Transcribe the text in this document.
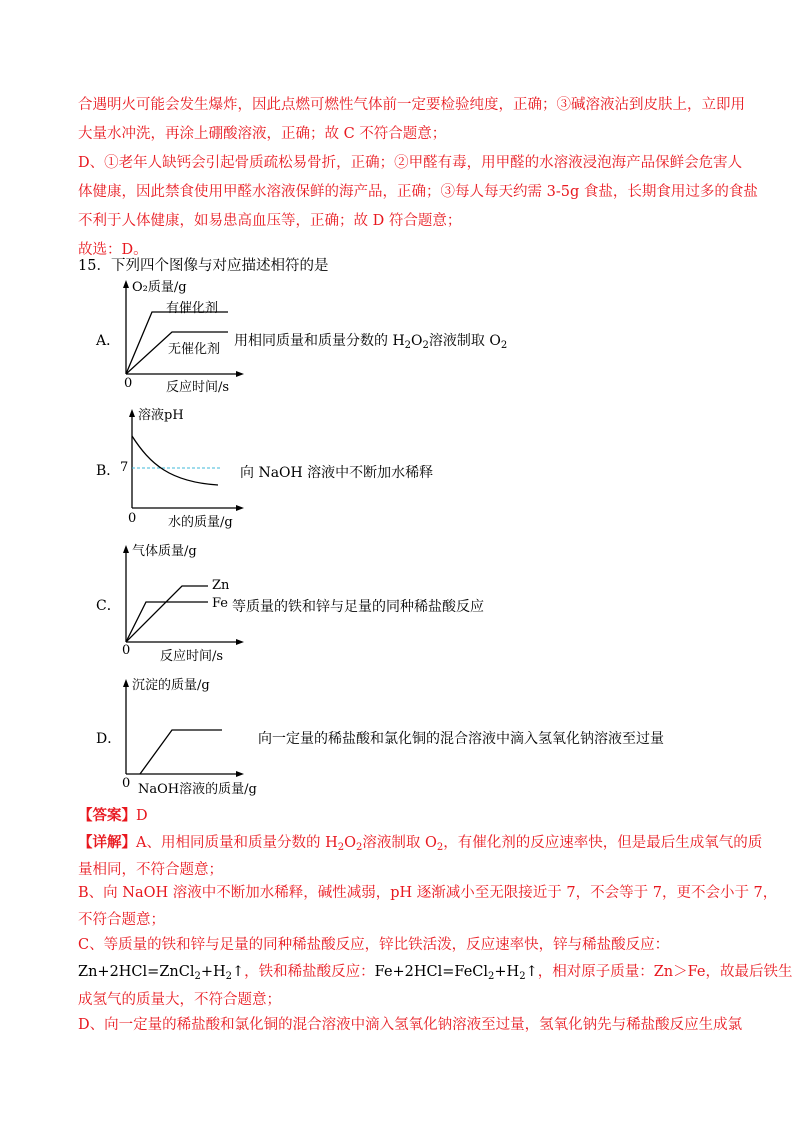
合遇明火可能会发生爆炸，因此点燃可燃性气体前一定要检验纯度，正确；③碱溶液沾到皮肤上，立即用
大量水冲洗，再涂上硼酸溶液，正确；故 C 不符合题意；
D、①老年人缺钙会引起骨质疏松易骨折，正确；②甲醛有毒，用甲醛的水溶液浸泡海产品保鲜会危害人
体健康，因此禁食使用甲醛水溶液保鲜的海产品，正确；③每人每天约需 3-5g 食盐，长期食用过多的食盐
不利于人体健康，如易患高血压等，正确；故 D 符合题意；
故选：D。
15．下列四个图像与对应描述相符的是
A．
O₂质量/g
有催化剂
无催化剂
0	反应时间/s
用相同质量和质量分数的 $H_2O_2$溶液制取 $O_2$
B．
溶液pH
7
0 水的质量/g
向 NaOH 溶液中不断加水稀释
C．
气体质量/g
Zn
Fe
0 反应时间/s
等质量的铁和锌与足量的同种稀盐酸反应
D．
沉淀的质量/g
0 NaOH溶液的质量/g
向一定量的稀盐酸和氯化铜的混合溶液中滴入氢氧化钠溶液至过量
【答案】D
【详解】A、用相同质量和质量分数的 $H_2O_2$溶液制取 $O_2$，有催化剂的反应速率快，但是最后生成氧气的质
量相同，不符合题意；
B、向 NaOH 溶液中不断加水稀释，碱性减弱，pH 逐渐减小至无限接近于 7，不会等于 7，更不会小于 7，
不符合题意；
C、等质量的铁和锌与足量的同种稀盐酸反应，锌比铁活泼，反应速率快，锌与稀盐酸反应：
$Zn+2HCl=ZnCl_2+H_2↑$，铁和稀盐酸反应：$Fe+2HCl=FeCl_2+H_2↑$，相对原子质量：Zn＞Fe，故最后铁生
成氢气的质量大，不符合题意；
D、向一定量的稀盐酸和氯化铜的混合溶液中滴入氢氧化钠溶液至过量，氢氧化钠先与稀盐酸反应生成氯
